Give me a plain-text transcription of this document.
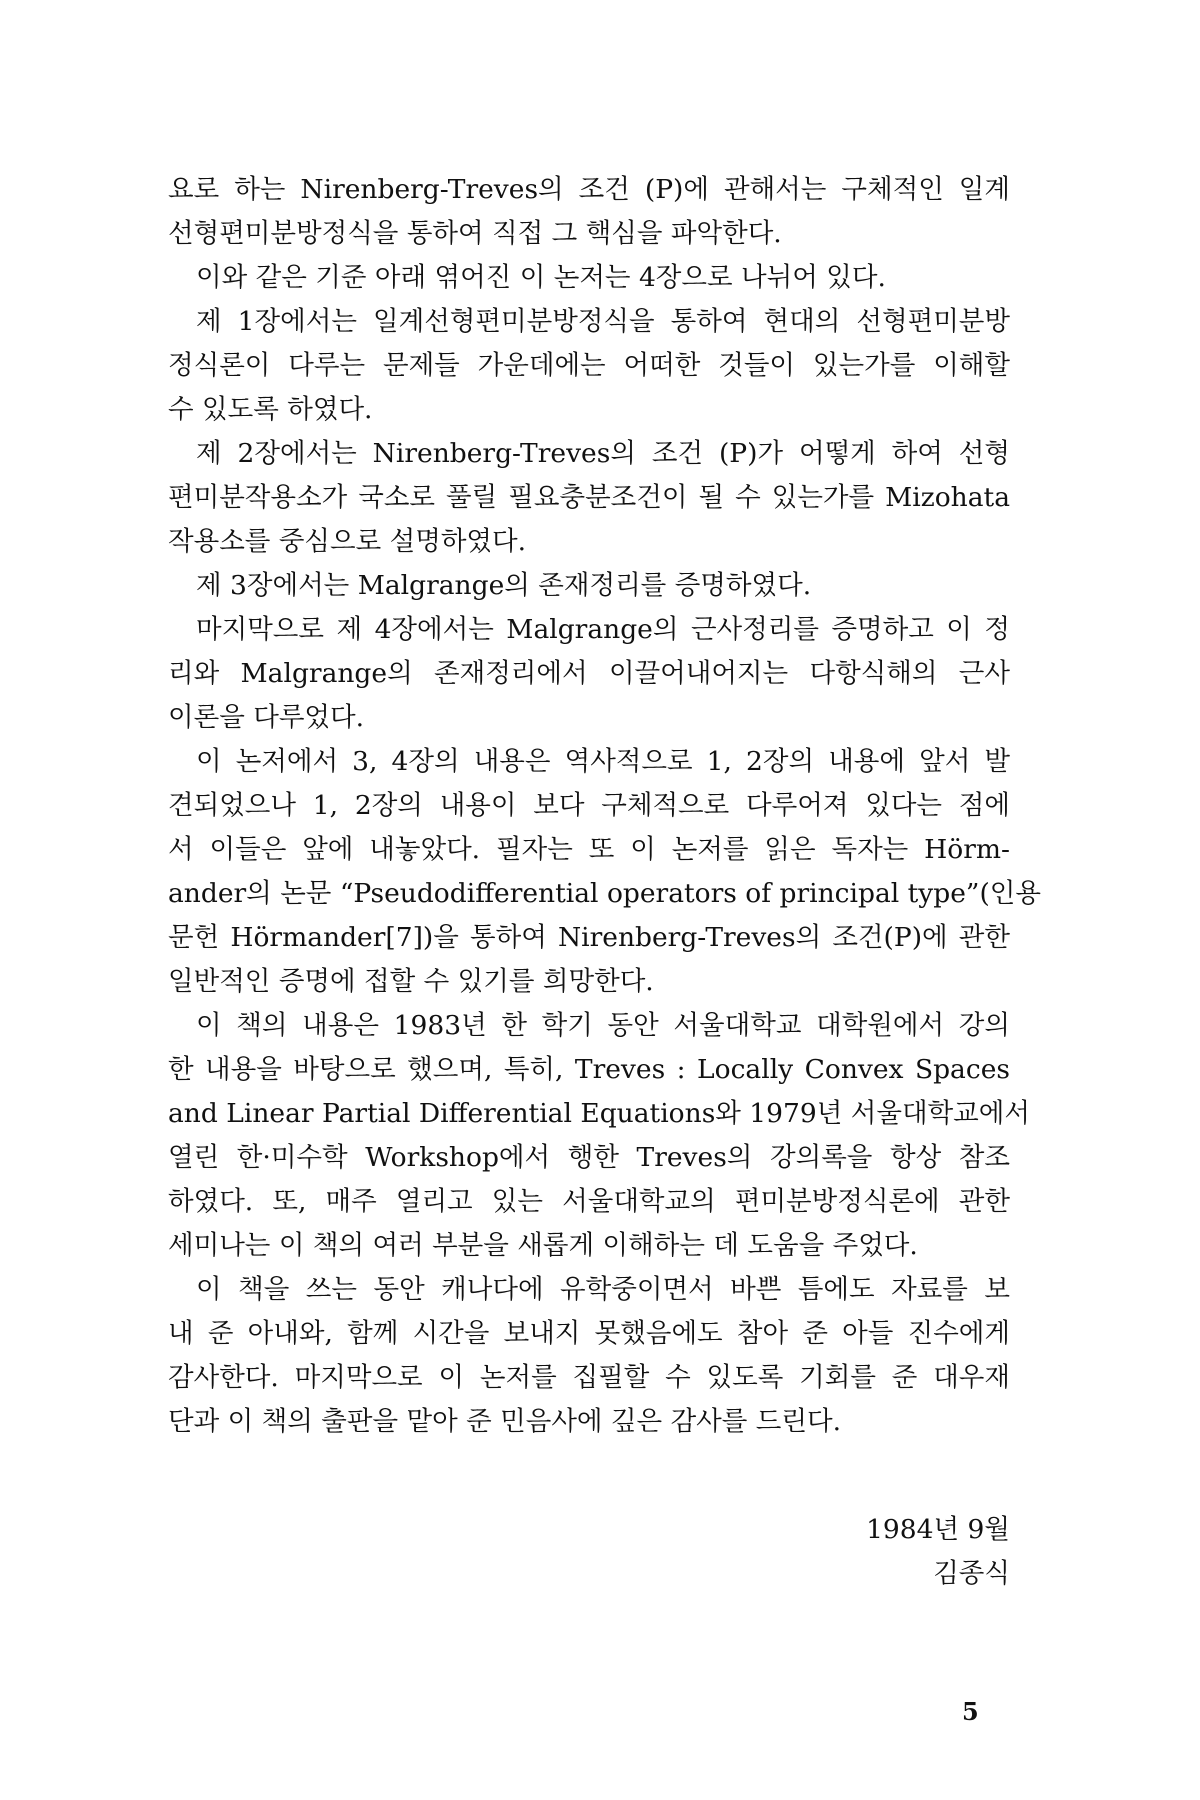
요로 하는 Nirenberg-Treves의 조건 (P)에 관해서는 구체적인 일계
선형편미분방정식을 통하여 직접 그 핵심을 파악한다.
이와 같은 기준 아래 엮어진 이 논저는 4장으로 나뉘어 있다.
제 1장에서는 일계선형편미분방정식을 통하여 현대의 선형편미분방
정식론이 다루는 문제들 가운데에는 어떠한 것들이 있는가를 이해할
수 있도록 하였다.
제 2장에서는 Nirenberg-Treves의 조건 (P)가 어떻게 하여 선형
편미분작용소가 국소로 풀릴 필요충분조건이 될 수 있는가를 Mizohata
작용소를 중심으로 설명하였다.
제 3장에서는 Malgrange의 존재정리를 증명하였다.
마지막으로 제 4장에서는 Malgrange의 근사정리를 증명하고 이 정
리와 Malgrange의 존재정리에서 이끌어내어지는 다항식해의 근사
이론을 다루었다.
이 논저에서 3, 4장의 내용은 역사적으로 1, 2장의 내용에 앞서 발
견되었으나 1, 2장의 내용이 보다 구체적으로 다루어져 있다는 점에
서 이들은 앞에 내놓았다. 필자는 또 이 논저를 읽은 독자는 Hörm-
ander의 논문 “Pseudodifferential operators of principal type”(인용
문헌 Hörmander[7])을 통하여 Nirenberg-Treves의 조건(P)에 관한
일반적인 증명에 접할 수 있기를 희망한다.
이 책의 내용은 1983년 한 학기 동안 서울대학교 대학원에서 강의
한 내용을 바탕으로 했으며, 특히, Treves : Locally Convex Spaces
and Linear Partial Differential Equations와 1979년 서울대학교에서
열린 한·미수학 Workshop에서 행한 Treves의 강의록을 항상 참조
하였다. 또, 매주 열리고 있는 서울대학교의 편미분방정식론에 관한
세미나는 이 책의 여러 부분을 새롭게 이해하는 데 도움을 주었다.
이 책을 쓰는 동안 캐나다에 유학중이면서 바쁜 틈에도 자료를 보
내 준 아내와, 함께 시간을 보내지 못했음에도 참아 준 아들 진수에게
감사한다. 마지막으로 이 논저를 집필할 수 있도록 기회를 준 대우재
단과 이 책의 출판을 맡아 준 민음사에 깊은 감사를 드린다.
1984년 9월
김종식
5
